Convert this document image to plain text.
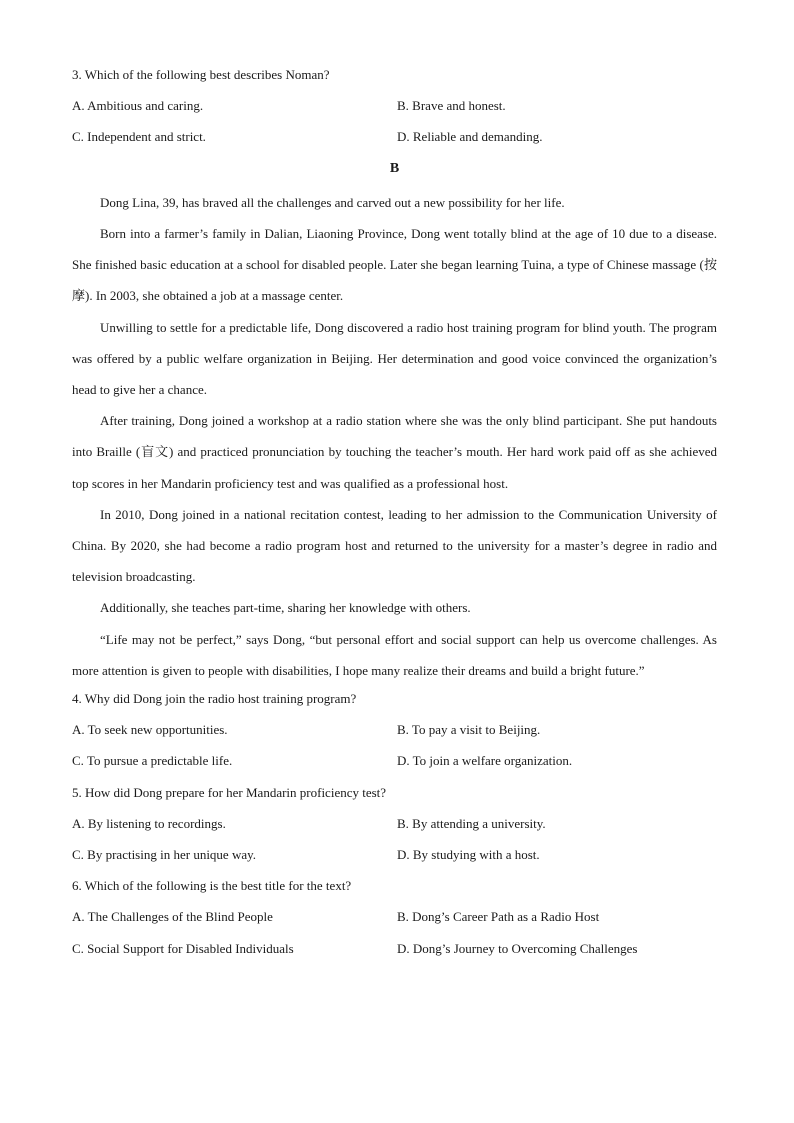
3. Which of the following best describes Noman?
A. Ambitious and caring.	B. Brave and honest.
C. Independent and strict.	D. Reliable and demanding.
B

Dong Lina, 39, has braved all the challenges and carved out a new possibility for her life.

Born into a farmer’s family in Dalian, Liaoning Province, Dong went totally blind at the age of 10 due to a disease. She finished basic education at a school for disabled people. Later she began learning Tuina, a type of Chinese massage (按摩). In 2003, she obtained a job at a massage center.

Unwilling to settle for a predictable life, Dong discovered a radio host training program for blind youth. The program was offered by a public welfare organization in Beijing. Her determination and good voice convinced the organization’s head to give her a chance.

After training, Dong joined a workshop at a radio station where she was the only blind participant. She put handouts into Braille (盲文) and practiced pronunciation by touching the teacher’s mouth. Her hard work paid off as she achieved top scores in her Mandarin proficiency test and was qualified as a professional host.

In 2010, Dong joined in a national recitation contest, leading to her admission to the Communication University of China. By 2020, she had become a radio program host and returned to the university for a master’s degree in radio and television broadcasting.

Additionally, she teaches part-time, sharing her knowledge with others.

“Life may not be perfect,” says Dong, “but personal effort and social support can help us overcome challenges. As more attention is given to people with disabilities, I hope many realize their dreams and build a bright future.”

4. Why did Dong join the radio host training program?
A. To seek new opportunities.	B. To pay a visit to Beijing.
C. To pursue a predictable life.	D. To join a welfare organization.
5. How did Dong prepare for her Mandarin proficiency test?
A. By listening to recordings.	B. By attending a university.
C. By practising in her unique way.	D. By studying with a host.
6. Which of the following is the best title for the text?
A. The Challenges of the Blind People	B. Dong’s Career Path as a Radio Host
C. Social Support for Disabled Individuals	D. Dong’s Journey to Overcoming Challenges
